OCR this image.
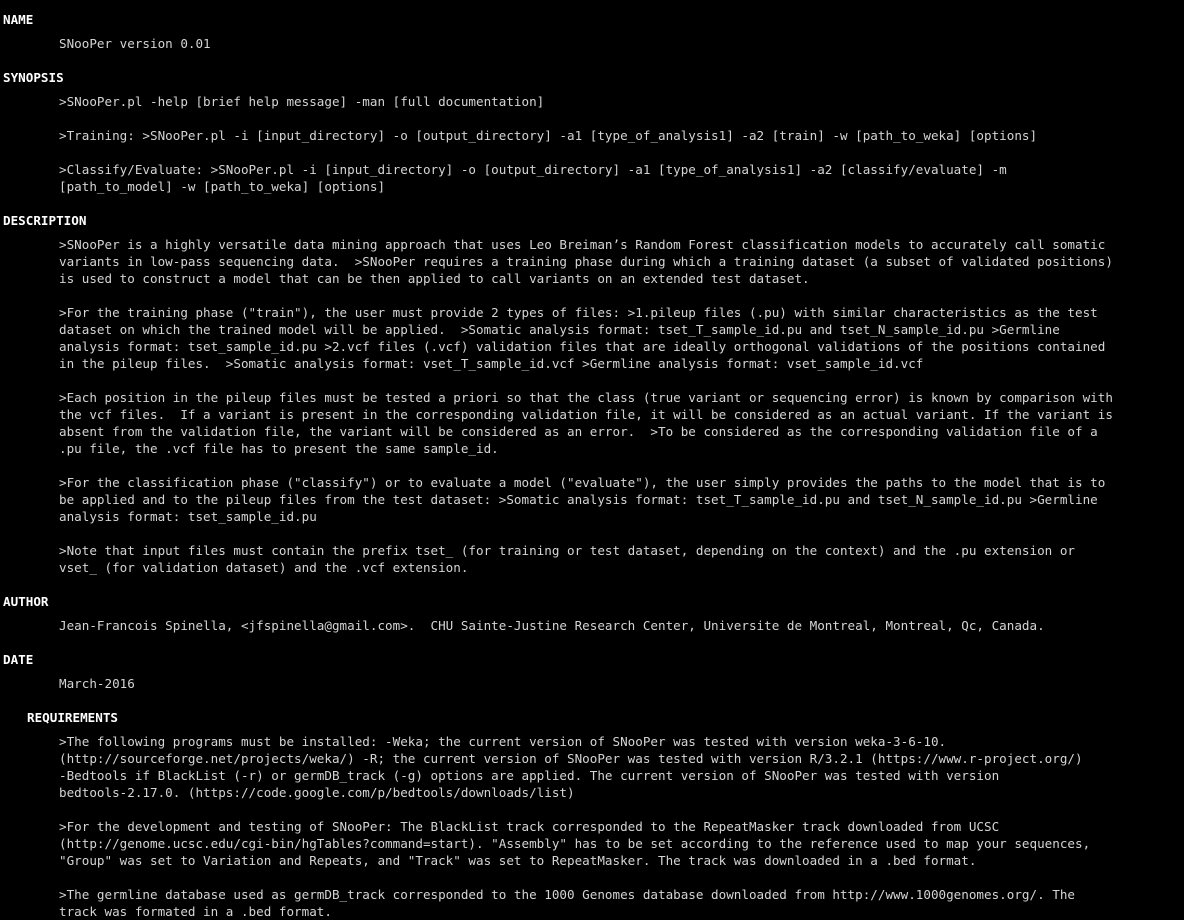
NAME

SNooPer version 0.01

SYNOPSIS

>SNooPer.pl -help [brief help message] -man [full documentation]

>Training: >SNooPer.pl -i [input_directory] -o [output_directory] -a1 [type_of_analysis1] -a2 [train] -w [path_to_weka] [options]

>Classify/Evaluate: >SNooPer.pl -i [input_directory] -o [output_directory] -a1 [type_of_analysis1] -a2 [classify/evaluate] -m
[path_to_model] -w [path_to_weka] [options]

DESCRIPTION

>SNooPer is a highly versatile data mining approach that uses Leo Breiman’s Random Forest classification models to accurately call somatic
variants in low-pass sequencing data.  >SNooPer requires a training phase during which a training dataset (a subset of validated positions)
is used to construct a model that can be then applied to call variants on an extended test dataset.

>For the training phase ("train"), the user must provide 2 types of files: >1.pileup files (.pu) with similar characteristics as the test
dataset on which the trained model will be applied.  >Somatic analysis format: tset_T_sample_id.pu and tset_N_sample_id.pu >Germline
analysis format: tset_sample_id.pu >2.vcf files (.vcf) validation files that are ideally orthogonal validations of the positions contained
in the pileup files.  >Somatic analysis format: vset_T_sample_id.vcf >Germline analysis format: vset_sample_id.vcf

>Each position in the pileup files must be tested a priori so that the class (true variant or sequencing error) is known by comparison with
the vcf files.  If a variant is present in the corresponding validation file, it will be considered as an actual variant. If the variant is
absent from the validation file, the variant will be considered as an error.  >To be considered as the corresponding validation file of a
.pu file, the .vcf file has to present the same sample_id.

>For the classification phase ("classify") or to evaluate a model ("evaluate"), the user simply provides the paths to the model that is to
be applied and to the pileup files from the test dataset: >Somatic analysis format: tset_T_sample_id.pu and tset_N_sample_id.pu >Germline
analysis format: tset_sample_id.pu

>Note that input files must contain the prefix tset_ (for training or test dataset, depending on the context) and the .pu extension or
vset_ (for validation dataset) and the .vcf extension.

AUTHOR

Jean-Francois Spinella, <jfspinella@gmail.com>.  CHU Sainte-Justine Research Center, Universite de Montreal, Montreal, Qc, Canada.

DATE

March-2016

REQUIREMENTS

>The following programs must be installed: -Weka; the current version of SNooPer was tested with version weka-3-6-10.
(http://sourceforge.net/projects/weka/) -R; the current version of SNooPer was tested with version R/3.2.1 (https://www.r-project.org/)
-Bedtools if BlackList (-r) or germDB_track (-g) options are applied. The current version of SNooPer was tested with version
bedtools-2.17.0. (https://code.google.com/p/bedtools/downloads/list)

>For the development and testing of SNooPer: The BlackList track corresponded to the RepeatMasker track downloaded from UCSC
(http://genome.ucsc.edu/cgi-bin/hgTables?command=start). "Assembly" has to be set according to the reference used to map your sequences,
"Group" was set to Variation and Repeats, and "Track" was set to RepeatMasker. The track was downloaded in a .bed format.

>The germline database used as germDB_track corresponded to the 1000 Genomes database downloaded from http://www.1000genomes.org/. The
track was formated in a .bed format.
